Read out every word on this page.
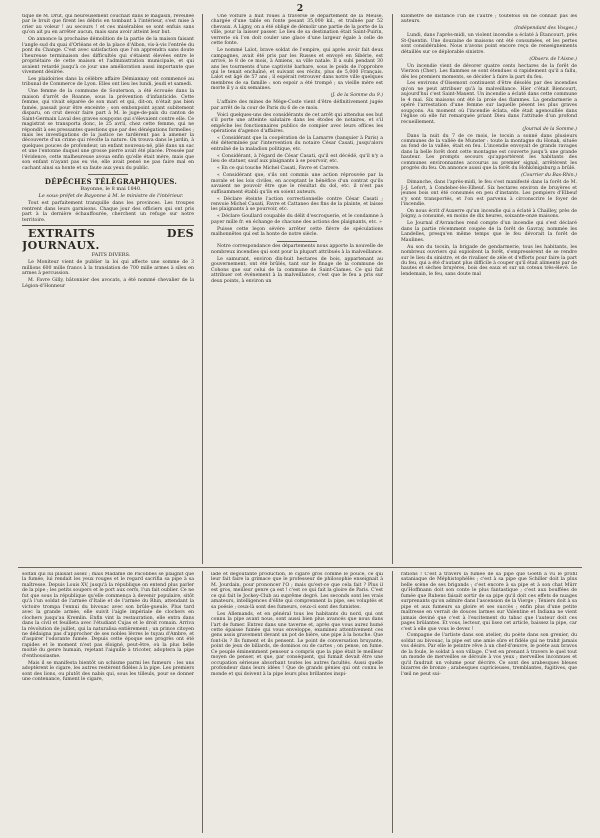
2

tique de M. Drut, qui heureusement couchait dans le magasin, réveillée par le bruit que firent les débris en tombant à l'intérieur, s'est mise à crier au voleur ! au secours ! et ces misérables se sont enfuis sans qu'on ait pu en arrêter aucun, mais sans avoir atteint leur but.

On annonce la prochaine démolition de la partie de la maison faisant l'angle sud du quai d'Orléans et de la place d'Albon, vis-à-vis l'entrée du pont du Change. C'est avec satisfaction que l'on apprendra sans doute l'heureuse terminaison des difficultés qui s'étaient élevées entre le propriétaire de cette maison et l'administration municipale, et qui avaient retardé jusqu'à ce jour une amélioration aussi importante que vivement désirée.

Les plaidoiries dans la célèbre affaire Démiannay ont commencé au tribunal de Commerce de Lyon. Elles ont lieu les lundi, jeudi et samedi.

Une femme de la commune de Souternon, a été écrouée dans la maison d'arrêt de Roanne, sous la prévention d'infanticide. Cette femme, qui vivait séparée de son mari et qui, dit-on, n'était pas bien famée, passait pour être enceinte ; son embonpoint ayant subitement disparu, on crut devoir faire part à M. le juge-de-paix du canton de Saint-Germain Laval des graves soupçons qui s'élevaient contre elle. Ce magistrat se transporta donc, le 25 avril, chez cette femme, qui ne répondit à ses pressantes questions que par des dénégations formelles ; mais les investigations de la justice ne tardèrent pas à amener la découverte d'un crime qui révolte la nature. On trouva dans le jardin, à quelques pouces de profondeur, un enfant nouveau-né, plié dans un sac et une l'entonne duquel une grosse pierre avait été placée. Pressée par l'évidence, cette malheureuse avoua enfin qu'elle était mère, mais que son enfant n'ayant pas eu vie, elle avait pensé ne pas faire mal en cachant ainsi sa honte et sa faute aux yeux du public.

DÉPÊCHES TÉLÉGRAPHIQUES.

Bayonne, le 8 mai 1840.

Le sous-préfet de Bayonne à M. le ministre de l'intérieur.

Tout est parfaitement tranquille dans les provinces. Les troupes rentrent dans leurs garnisons. Chaque jour des officiers qui ont pris part à la dernière échauffourée, cherchent un refuge sur notre territoire.

EXTRAITS DES JOURNAUX.

FAITS DIVERS.

Le Moniteur vient de publier la loi qui affecte une somme de 3 millions 600 mille francs à la translation de 700 mille armes à silex en armes à percussion.

M. Favre Gilly, bâtonnier des avocats, a été nommé chevalier de la Légion-d'Honneur

Une voiture à huit roues a traversé le département de la Meuse, chargée d'une table en fonte pesant 35,000 kil., et traînée par 52 chevaux. A Ligny, on a été obligé de démolir une partie de la porte de la ville, pour la laisser passer. Le lieu de sa destination était Saint-Puirin, verrerie où l'on doit couler une glace d'une largeur égale à celle de cette fonte.

Le nommé Lalot, brave soldat de l'empire, qui après avoir fait deux campagnes, avait été pris par les Russes et envoyé en Sibérie, est arrivé, le 8 de ce mois, à Amiens, sa ville natale. Il a subi pendant 30 ans les tourments d'une captivité barbare, sous le poids de l'opprobre qui le tenait enchaîné, et suivant ses récits, plus de 5,000 Français. Lalot est âgé de 57 ans ; il espérait retrouver dans notre ville quelques membres de sa famille : son espoir a été trompé ; sa vieille mère est morte il y a six semaines.

(J. de la Somme du 9.)

L'affaire des mines de Mège-Coste vient d'être définitivement jugée par arrêt de la cour de Paris du 6 de ce mois.

Voici quelques-uns des considérants de cet arrêt qui attendus ses but s'il porte une atteinte salutaire dans les étodes de notaires, et s'il empêche les fonctionnaires publics de compier avec leurs offices les opérations d'agence d'affaires.

« Considérant que la coopération de la Lamarre (banquier à Paris) a été déterminée par l'intervention du notaire César Casati, jusqu'alors entraîné de la maladion politique, etc.

« Considérant, à l'égard de César Casati, qu'il est décédé, qu'il n'y a lieu de statuer, sauf aux plaignants à se pourvoir, etc.

« En ce qui touche Michel Casati, Favre et Carrere.

« Considérant que, s'ils ont commis une action réprouvée par la morale et les lois civiles, en acceptant le bénéfice d'un contrat qu'ils savaient ne pouvoir être que le résultat du dol, etc. il n'est pas suffisamment établi qu'ils en soient auteurs.

« Déclare éteinte l'action correctionnelle contre César Casati ; renvoie Michel Casati, Favre et Cattaneo des fins de la plainte, et laisse les plaignants à se pourvoir, etc.

« Déclare Goullard coupable du délit d'escroquerie, et le condamne à payer mille fr. en échange de chacune des actions des plaignants, etc. »

Puisse cette leçon sévère arrêter cette fièvre de spéculations malhonnêtes qui est la honte de notre siècle.

Notre correspondance des départements nous apporte la nouvelle de nombreux incendies qui sont pour la plupart attribués à la malveillance.

Le samurant, environ dix-huit hectares de bois, appartenant au gouvernement, ont été brûlés, tant sur le finage de la commune de Cohons que sur celui de la commune de Saint-Ciames. Ce qui fait attribuer cet événement à la malveillance, c'est que le feu a pris sur deux points, à environ un

kilomètre de distance l'un de l'autre ; toutefois on ne connaît pas les auteurs.

(Indépendant des Vosges.)

Lundi, dans l'après-midi, un violent incendie a éclaté à Étancourt, près St-Quentin. Une douzaine de maisons ont été consumées, et les pertes sont considérables. Nous n'avons point encore reçu de renseignements détaillés sur ce déplorable sinistre.

(Observ. de l'Aisne.)

Un incendie vient de dévorer quatre cents hectares de la forêt de Vierzon (Cher). Les flammes se sont étendues si rapidement qu'il a fallu, dès les premiers moments, se décider à faire la part du feu.

Les environs d'Oisemont continuent d'être désolés par des incendies qu'on ne peut attribuer qu'à la malveillance. Hier c'était Biencourt, aujourd'hui c'est Saint-Maxent. Un incendie a éclaté dans cette commune le 4 mai. Six maisons ont été la proie des flammes. La gendarmerie a opéré l'arrestation d'une femme sur laquelle pèsent les plus graves soupçons. Au moment où l'incendie éclata, elle était agenouillée dans l'église où elle fut remarquée priant Dieu dans l'attitude d'un profond recueillement.

(Journal de la Somme.)

Dans la nuit du 7 de ce mois, le tocsin a sonné dans plusieurs communes de la vallée de Munster : toute la montagne du Honak, située au fond de la vallée, était en feu. L'incendie envoyait de grands ravages dans la belle forêt dont cette montagne est couverte jusqu'à une grande hauteur. Les prompts secours qu'apportèrent les habitants des communes environnantes accourus au premier signal, arrêtèrent les progrès du feu. On annonce aussi que la forêt du Hohkönigsburg a brûlé.

(Courrier du Bas-Rhin.)

Dimanche, dans l'après-midi, le feu s'est manifesté dans la forêt de M. J.-J. Lefort, à Condebec-lès-Elbeuf. Six hectares environ de bruyères et jeunes bois ont été consumés en peu d'instants. Les pompiers d'Elbeuf s'y sont transportés, et l'on est parvenu à circonscrire le foyer de l'incendie.

On nous écrit d'Auxerre qu'un incendie qui a éclaté à Chailley, près de Joigny, a consumé, en moins de dix heures, soixante-onze maisons.

Le Journal d'Avranches rend compte d'un incendie qui s'est déclaré dans la partie récemment coupée de la forêt de Gavray, nommée les Landelles, presqu'en même temps que le feu dévorait la forêt de Maulines.

Au son du tocsin, la brigade de gendarmerie, tous les habitants, les nombreux ouvriers qui exploitent la forêt, s'empressèrent de se rendre sur le lieu du sinistre, et de rivaliser de zèle et d'efforts pour faire la part du feu, qui a été d'autant plus difficile à couper qu'il était alimenté par de hautes et sèches bruyères, bois des eaux et sur un coteau très-élevé. Le lendemain, le feu, sans doute mal

soltan qui lui plaisait assez ; mais Madame de Pacobbes se plaignit que la fumée, lui rendait les yeux rouges et le regard sacrifia sa pipe à sa maîtresse. Depuis Louis XV, jusqu'à la république on entend plus parler de la pipe ; les petits soupers et le port aux cerfs, l'un fait oublier. Ce ne fut que sous la république qu'elle commença à devenir populaire, sitôt qu'à l'un soldat de l'armée d'Italie et de l'armée du Rhin, attendant la victoire trompa l'ennui du bivouac avec son brûle-gueule. Plus tard avec la grande armée, elle suivit l'aigle impériale de clochers en clochers jusqu'au Kremlin. Enfin vint la restauration, elle entra dans dans la civil et feuilleta avec l'étudiant Cujas et le droit romain. Arriva la révolution de juillet, qui la naturalisa entièrement ; un prince citoyen ne dédaigna pas d'approcher de ses nobles lèvres le tuyau d'Ambre, et d'aspirer l'odorante fumée. Depuis cette époque ses progrès ont été rapides et le moment n'est pas éloigné, peut-être, où la plus belle moitié du genre humain, rejetant l'aiguille à tricoter, adoptera la pipe d'enthousiasme.

Mais il se manifesta bientôt un schisme parmi les fumeurs : les uns adoptèrent le cigare, les autres restèrent fidèles à la pipe. Les premiers sont des lions, ou plutôt des nabis qui, sous les tilleuls, pour se donner une contenance, fument le cigare,

lade et dégoûtante production, le cigare gros comme le pouce, ce qui leur fait faire la grimace que le professeur de philosophie enseignait à M. Jourdain, pour prononcer l'O ; mais qu'est-ce que cela fait ? Plus il est gros, meilleur genre ça est ! c'est ce qui fait la gloire de Paris. C'est ce qui fait le Jockey-Club au suprême degré. Les seconds sont les vrais amateurs, intelligences d'élite qui comprennent la pipe, ses voluptés et sa poésie ; ceux-là sont des fumeurs, ceux-ci sont des fumistes.

Les Allemands, et en général tous les habitants du nord, qui ont connu la pipe avant nous, sont aussi bien plus avancés que nous dans l'art de fumer. Entrez dans une taverne et, après que vous aurez humé cette épaisse fumée qui vous enveloppe, examinez attentivement ces gens assis gravement devant un pot de bière, une pipe à la bouche. Que font-ils ? Ils fument et ils pensent. Le point de conversation bruyante, point de jeux de billards, de dominos ou de cartes ; on pense, on fume. Ce peuple éminemment penseur a compris que la pipe était le meilleur moyen de penser, et que, par conséquent, qui fumait devait être une occupation sérieuse absorbant toutes les autres facultés. Aussi quelle profondeur dans leurs idées ! Que de grands génies qui ont connu le monde et qui doivent à la pipe leurs plus brillantes inspi-

rations ! C'est à travers la fumée de sa pipe que Goeth a vu le profil sataniaque de Méphistophélès ; c'est à sa pipe que Schiller doit la plus belle scène de ses brigands ; c'est encore à sa pipe et à son chat Mürr qu'Hoffmann doit son conte le plus fantastique ; c'est aux bouffées de fumée que Rubens faisait sortir de sa pipe qu'il doit ces effets de nuages surprenants qu'on admire dans l'ascension de la Vierge ; Téniers doit à sa pipe et aux fumeurs sa gloire et ses succès ; enfin plus d'une petite maîtresse en verrait de douces larmes sur Valentine et Indiana ne vient jamais deviné que c'est à l'excitement du tabac que l'auteur doit ces pages brûlantes. Et vous, lecteur, qui lisez cet article, baissez la pipe, car c'est à elle que vous le devez !

Compagne de l'artiste dans son atelier, du poète dans son grenier, du soldat au bivouac, la pipe est une amie sûre et fidèle qui ne trahit jamais vos désirs. Par elle le peintre rêve à un chef-d'œuvre, le poète aux bravos de la foule, le soldat à son village. C'est en prenant à travers le quel tout un monde de merveilles se déroule à vos yeux ; merveilles inconnues et qu'il faudrait un volume pour décrire. Ce sont des arabesques bleues bizarres de bronze ; arabesques capricieuses, tremblantes, fugitives, que l'œil ne peut sui-
